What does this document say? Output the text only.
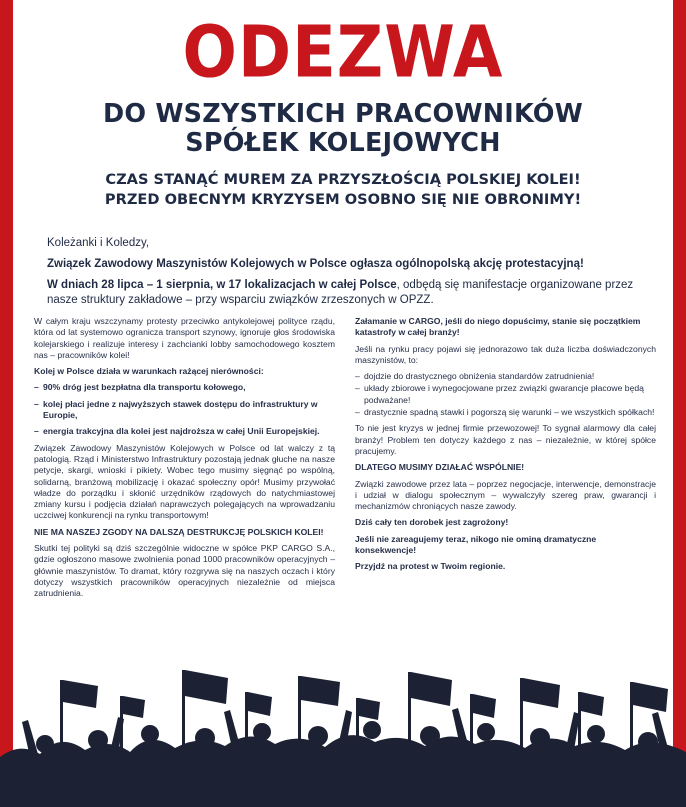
ODEZWA
DO WSZYSTKICH PRACOWNIKÓW
SPÓŁEK KOLEJOWYCH
CZAS STANĄĆ MUREM ZA PRZYSZŁOŚCIĄ POLSKIEJ KOLEI!
PRZED OBECNYM KRYZYSEM OSOBNO SIĘ NIE OBRONIMY!

Koleżanki i Koledzy,

Związek Zawodowy Maszynistów Kolejowych w Polsce ogłasza ogólnopolską akcję protestacyjną!

W dniach 28 lipca – 1 sierpnia, w 17 lokalizacjach w całej Polsce, odbędą się manifestacje organizowane przez nasze struktury zakładowe – przy wsparciu związków zrzeszonych w OPZZ.

W całym kraju wszczynamy protesty przeciwko antykolejowej polityce rządu, która od lat systemowo ogranicza transport szynowy, ignoruje głos środowiska kolejarskiego i realizuje interesy i zachcianki lobby samochodowego kosztem nas – pracowników kolei!

Kolej w Polsce działa w warunkach rażącej nierówności:

– 90% dróg jest bezpłatna dla transportu kołowego,
– kolej płaci jedne z najwyższych stawek dostępu do infrastruktury w Europie,
– energia trakcyjna dla kolei jest najdroższa w całej Unii Europejskiej.

Związek Zawodowy Maszynistów Kolejowych w Polsce od lat walczy z tą patologią. Rząd i Ministerstwo Infrastruktury pozostają jednak głuche na nasze petycje, skargi, wnioski i pikiety. Wobec tego musimy sięgnąć po wspólną, solidarną, branżową mobilizację i okazać społeczny opór! Musimy przywołać władze do porządku i skłonić urzędników rządowych do natychmiastowej zmiany kursu i podjęcia działań naprawczych polegających na wprowadzaniu uczciwej konkurencji na rynku transportowym!

NIE MA NASZEJ ZGODY NA DALSZĄ DESTRUKCJĘ POLSKICH KOLEI!

Skutki tej polityki są dziś szczególnie widoczne w spółce PKP CARGO S.A., gdzie ogłoszono masowe zwolnienia ponad 1000 pracowników operacyjnych – głównie maszynistów. To dramat, który rozgrywa się na naszych oczach i który dotyczy wszystkich pracowników operacyjnych niezależnie od miejsca zatrudnienia.

Załamanie w CARGO, jeśli do niego dopuścimy, stanie się początkiem katastrofy w całej branży!

Jeśli na rynku pracy pojawi się jednorazowo tak duża liczba doświadczonych maszynistów, to:

– dojdzie do drastycznego obniżenia standardów zatrudnienia!
– układy zbiorowe i wynegocjowane przez związki gwarancje płacowe będą podważane!
– drastycznie spadną stawki i pogorszą się warunki – we wszystkich spółkach!

To nie jest kryzys w jednej firmie przewozowej! To sygnał alarmowy dla całej branży! Problem ten dotyczy każdego z nas – niezależnie, w której spółce pracujemy.

DLATEGO MUSIMY DZIAŁAĆ WSPÓLNIE!

Związki zawodowe przez lata – poprzez negocjacje, interwencje, demonstracje i udział w dialogu społecznym – wywalczyły szereg praw, gwarancji i mechanizmów chroniących nasze zawody.

Dziś cały ten dorobek jest zagrożony!

Jeśli nie zareagujemy teraz, nikogo nie ominą dramatyczne konsekwencje!

Przyjdź na protest w Twoim regionie.
